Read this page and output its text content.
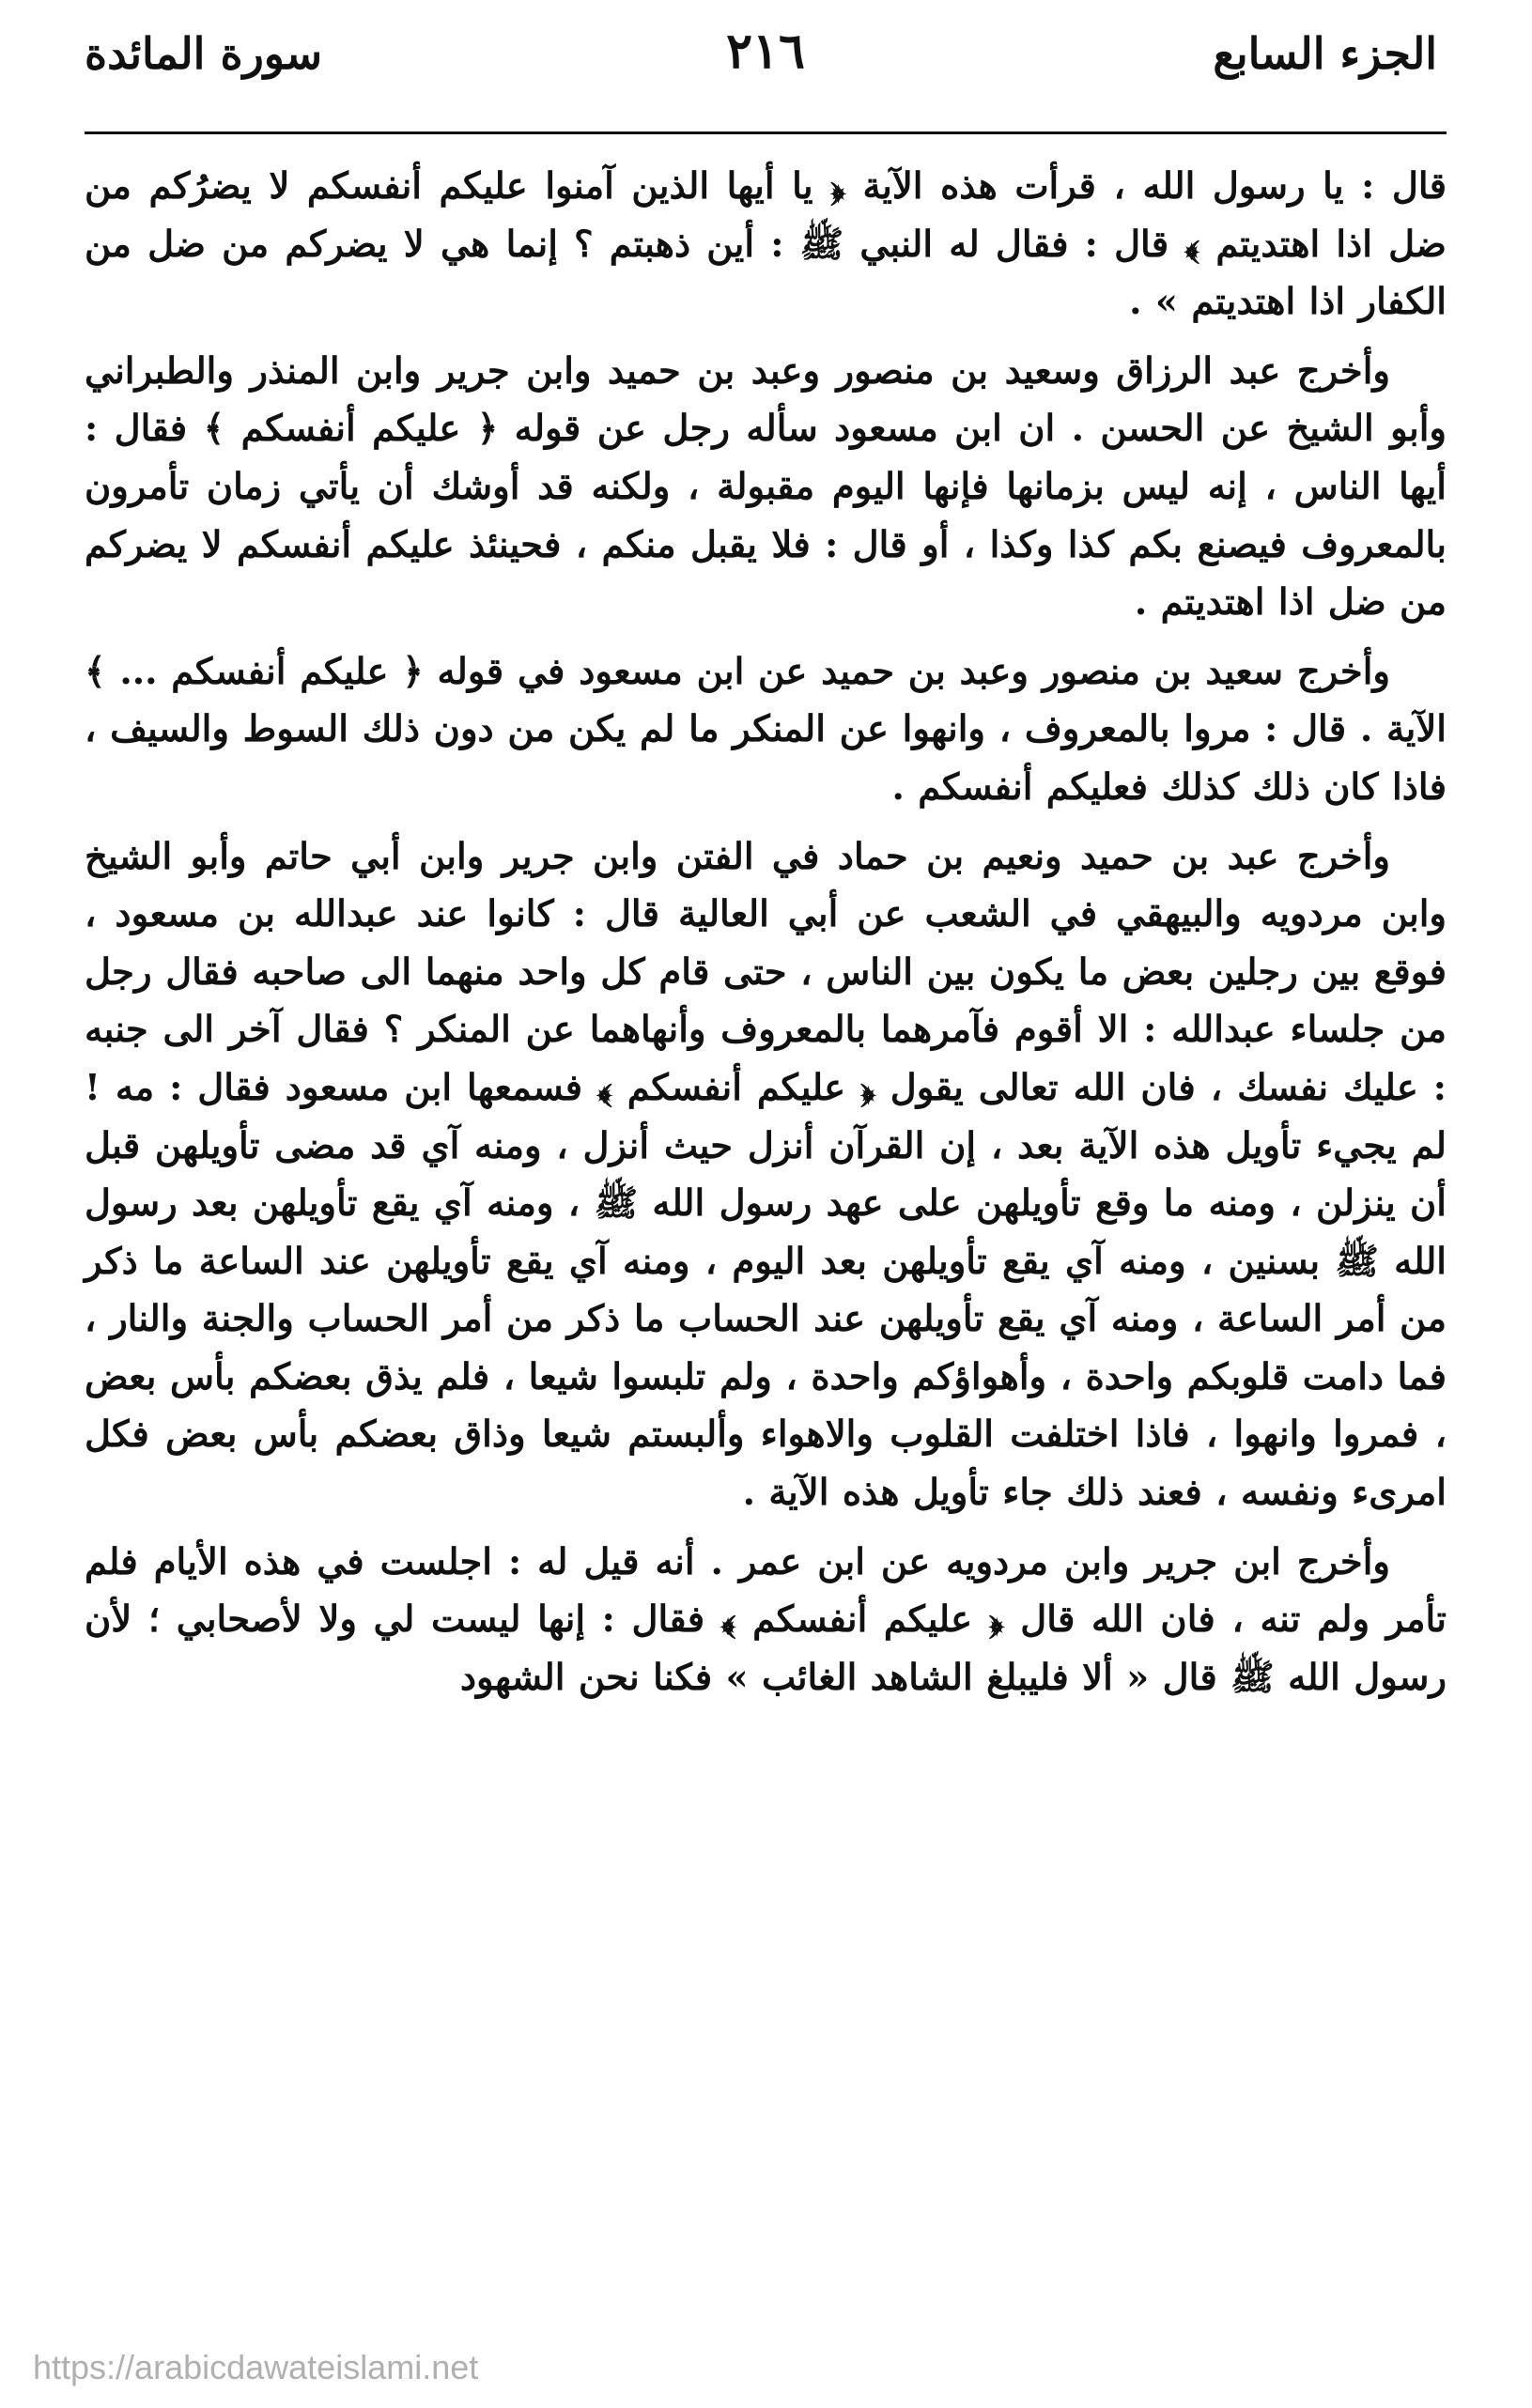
الجزء السابع
٢١٦
سورة المائدة

قال : يا رسول الله ، قرأت هذه الآية ﴿ يا أيها الذين آمنوا عليكم أنفسكم لا يضرُكم من ضل اذا اهتديتم ﴾ قال : فقال له النبي ﷺ : أين ذهبتم ؟ إنما هي لا يضركم من ضل من الكفار اذا اهتديتم » .

وأخرج عبد الرزاق وسعيد بن منصور وعبد بن حميد وابن جرير وابن المنذر والطبراني وأبو الشيخ عن الحسن . ان ابن مسعود سأله رجل عن قوله ﴿ عليكم أنفسكم ﴾ فقال : أيها الناس ، إنه ليس بزمانها فإنها اليوم مقبولة ، ولكنه قد أوشك أن يأتي زمان تأمرون بالمعروف فيصنع بكم كذا وكذا ، أو قال : فلا يقبل منكم ، فحينئذ عليكم أنفسكم لا يضركم من ضل اذا اهتديتم .

وأخرج سعيد بن منصور وعبد بن حميد عن ابن مسعود في قوله ﴿ عليكم أنفسكم ... ﴾ الآية . قال : مروا بالمعروف ، وانهوا عن المنكر ما لم يكن من دون ذلك السوط والسيف ، فاذا كان ذلك كذلك فعليكم أنفسكم .

وأخرج عبد بن حميد ونعيم بن حماد في الفتن وابن جرير وابن أبي حاتم وأبو الشيخ وابن مردويه والبيهقي في الشعب عن أبي العالية قال : كانوا عند عبدالله بن مسعود ، فوقع بين رجلين بعض ما يكون بين الناس ، حتى قام كل واحد منهما الى صاحبه فقال رجل من جلساء عبدالله : الا أقوم فآمرهما بالمعروف وأنهاهما عن المنكر ؟ فقال آخر الى جنبه : عليك نفسك ، فان الله تعالى يقول ﴿ عليكم أنفسكم ﴾ فسمعها ابن مسعود فقال : مه ! لم يجيء تأويل هذه الآية بعد ، إن القرآن أنزل حيث أنزل ، ومنه آي قد مضى تأويلهن قبل أن ينزلن ، ومنه ما وقع تأويلهن على عهد رسول الله ﷺ ، ومنه آي يقع تأويلهن بعد رسول الله ﷺ بسنين ، ومنه آي يقع تأويلهن بعد اليوم ، ومنه آي يقع تأويلهن عند الساعة ما ذكر من أمر الساعة ، ومنه آي يقع تأويلهن عند الحساب ما ذكر من أمر الحساب والجنة والنار ، فما دامت قلوبكم واحدة ، وأهواؤكم واحدة ، ولم تلبسوا شيعا ، فلم يذق بعضكم بأس بعض ، فمروا وانهوا ، فاذا اختلفت القلوب والاهواء وألبستم شيعا وذاق بعضكم بأس بعض فكل امرىء ونفسه ، فعند ذلك جاء تأويل هذه الآية .

وأخرج ابن جرير وابن مردويه عن ابن عمر . أنه قيل له : اجلست في هذه الأيام فلم تأمر ولم تنه ، فان الله قال ﴿ عليكم أنفسكم ﴾ فقال : إنها ليست لي ولا لأصحابي ؛ لأن رسول الله ﷺ قال « ألا فليبلغ الشاهد الغائب » فكنا نحن الشهود

https://arabicdawateislami.net
